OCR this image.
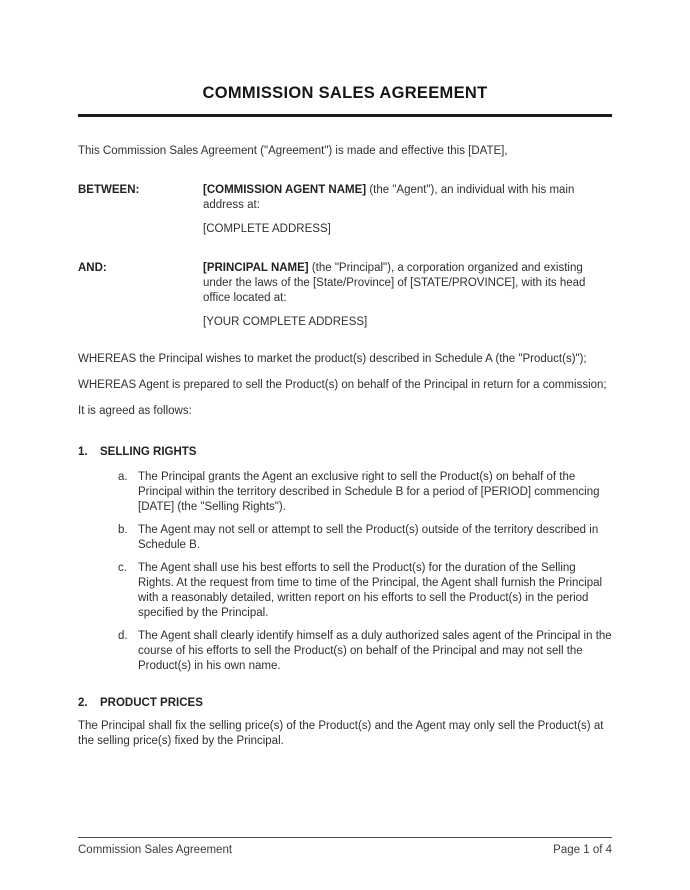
COMMISSION SALES AGREEMENT

This Commission Sales Agreement ("Agreement") is made and effective this [DATE],

BETWEEN:	[COMMISSION AGENT NAME] (the "Agent"), an individual with his main address at:

[COMPLETE ADDRESS]

AND:	[PRINCIPAL NAME] (the "Principal"), a corporation organized and existing under the laws of the [State/Province] of [STATE/PROVINCE], with its head office located at:

[YOUR COMPLETE ADDRESS]

WHEREAS the Principal wishes to market the product(s) described in Schedule A (the "Product(s)");

WHEREAS Agent is prepared to sell the Product(s) on behalf of the Principal in return for a commission;

It is agreed as follows:

1.	SELLING RIGHTS
a. The Principal grants the Agent an exclusive right to sell the Product(s) on behalf of the Principal within the territory described in Schedule B for a period of [PERIOD] commencing [DATE] (the "Selling Rights").
b. The Agent may not sell or attempt to sell the Product(s) outside of the territory described in Schedule B.
c. The Agent shall use his best efforts to sell the Product(s) for the duration of the Selling Rights. At the request from time to time of the Principal, the Agent shall furnish the Principal with a reasonably detailed, written report on his efforts to sell the Product(s) in the period specified by the Principal.
d. The Agent shall clearly identify himself as a duly authorized sales agent of the Principal in the course of his efforts to sell the Product(s) on behalf of the Principal and may not sell the Product(s) in his own name.
2.	PRODUCT PRICES

The Principal shall fix the selling price(s) of the Product(s) and the Agent may only sell the Product(s) at the selling price(s) fixed by the Principal.

Commission Sales Agreement	Page 1 of 4
